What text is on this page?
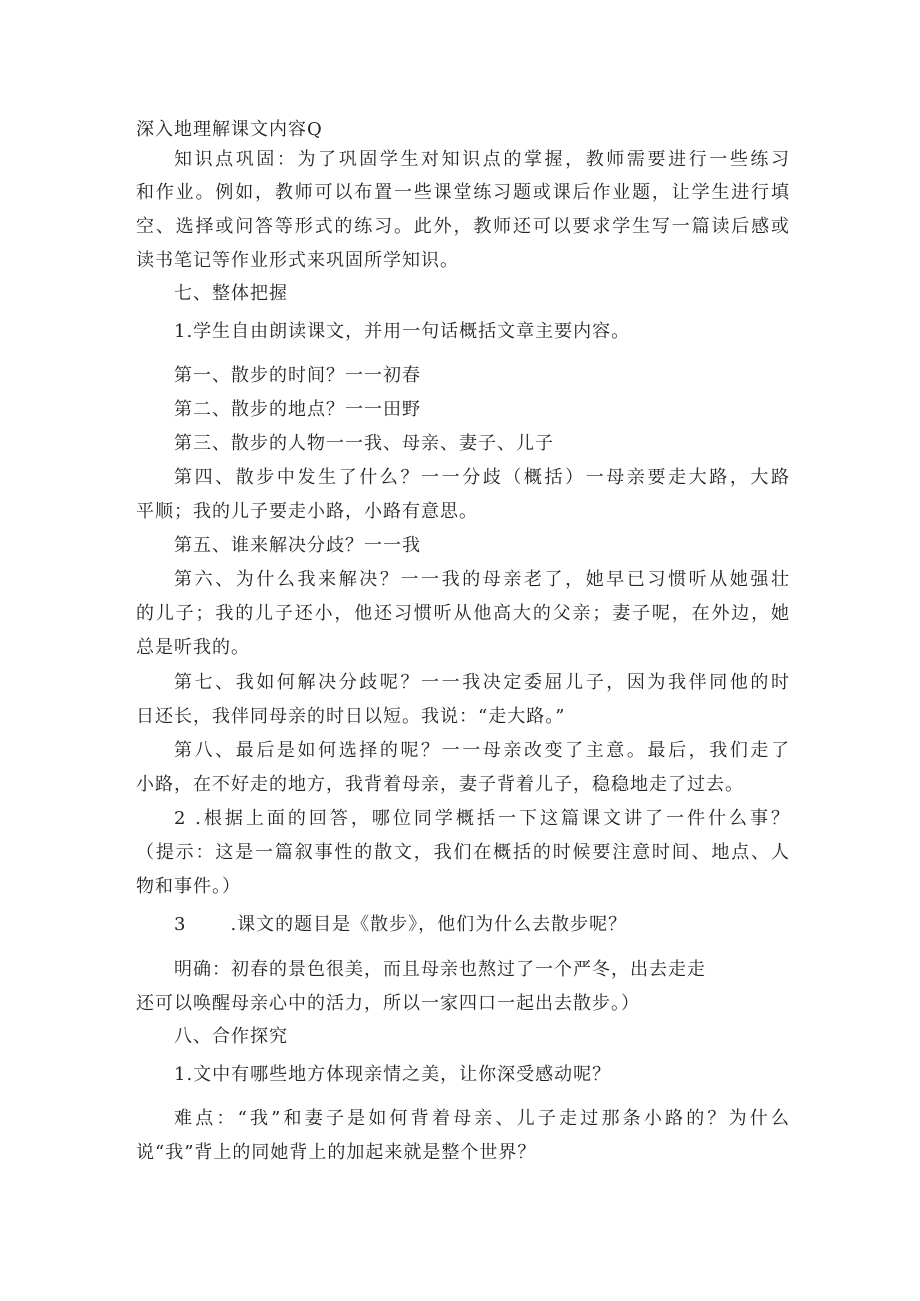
深入地理解课文内容Q

知识点巩固：为了巩固学生对知识点的掌握，教师需要进行一些练习

和作业。例如，教师可以布置一些课堂练习题或课后作业题，让学生进行填

空、选择或问答等形式的练习。此外，教师还可以要求学生写一篇读后感或

读书笔记等作业形式来巩固所学知识。

七、整体把握

1.学生自由朗读课文，并用一句话概括文章主要内容。

第一、散步的时间？一一初春

第二、散步的地点？一一田野

第三、散步的人物一一我、母亲、妻子、儿子

第四、散步中发生了什么？一一分歧（概括）一母亲要走大路，大路

平顺；我的儿子要走小路，小路有意思。

第五、谁来解决分歧？一一我

第六、为什么我来解决？一一我的母亲老了，她早已习惯听从她强壮

的儿子；我的儿子还小，他还习惯听从他高大的父亲；妻子呢，在外边，她

总是听我的。

第七、我如何解决分歧呢？一一我决定委屈儿子，因为我伴同他的时

日还长，我伴同母亲的时日以短。我说：“走大路。”

第八、最后是如何选择的呢？一一母亲改变了主意。最后，我们走了

小路，在不好走的地方，我背着母亲，妻子背着儿子，稳稳地走了过去。

2 .根据上面的回答，哪位同学概括一下这篇课文讲了一件什么事？

（提示：这是一篇叙事性的散文，我们在概括的时候要注意时间、地点、人

物和事件。）

3 .课文的题目是《散步》，他们为什么去散步呢？

明确：初春的景色很美，而且母亲也熬过了一个严冬，出去走走

还可以唤醒母亲心中的活力，所以一家四口一起出去散步。）

八、合作探究

1.文中有哪些地方体现亲情之美，让你深受感动呢？

难点：“我”和妻子是如何背着母亲、儿子走过那条小路的？为什么

说“我”背上的同她背上的加起来就是整个世界？
